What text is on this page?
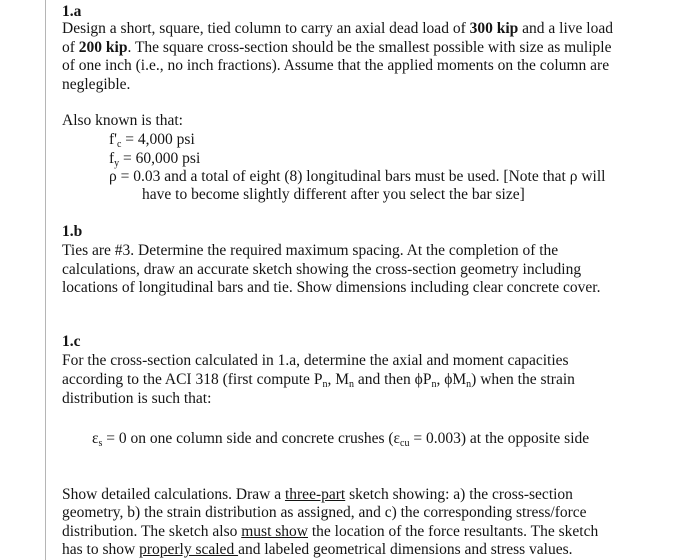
1.a
Design a short, square, tied column to carry an axial dead load of 300 kip and a live load
of 200 kip. The square cross-section should be the smallest possible with size as muliple
of one inch (i.e., no inch fractions). Assume that the applied moments on the column are
neglegible.
Also known is that:
$f'_c = 4,000$ psi
$f_y = 60,000$ psi
ρ = 0.03 and a total of eight (8) longitudinal bars must be used. [Note that ρ will
have to become slightly different after you select the bar size]
1.b
Ties are #3. Determine the required maximum spacing. At the completion of the
calculations, draw an accurate sketch showing the cross-section geometry including
locations of longitudinal bars and tie. Show dimensions including clear concrete cover.
1.c
For the cross-section calculated in 1.a, determine the axial and moment capacities
according to the ACI 318 (first compute $P_n$, $M_n$ and then $\phi P_n$, $\phi M_n$) when the strain
distribution is such that:
$\varepsilon_s = 0$ on one column side and concrete crushes $(\varepsilon_{cu} = 0.003)$ at the opposite side
Show detailed calculations. Draw a three-part sketch showing: a) the cross-section
geometry, b) the strain distribution as assigned, and c) the corresponding stress/force
distribution. The sketch also must show the location of the force resultants. The sketch
has to show properly scaled and labeled geometrical dimensions and stress values.
